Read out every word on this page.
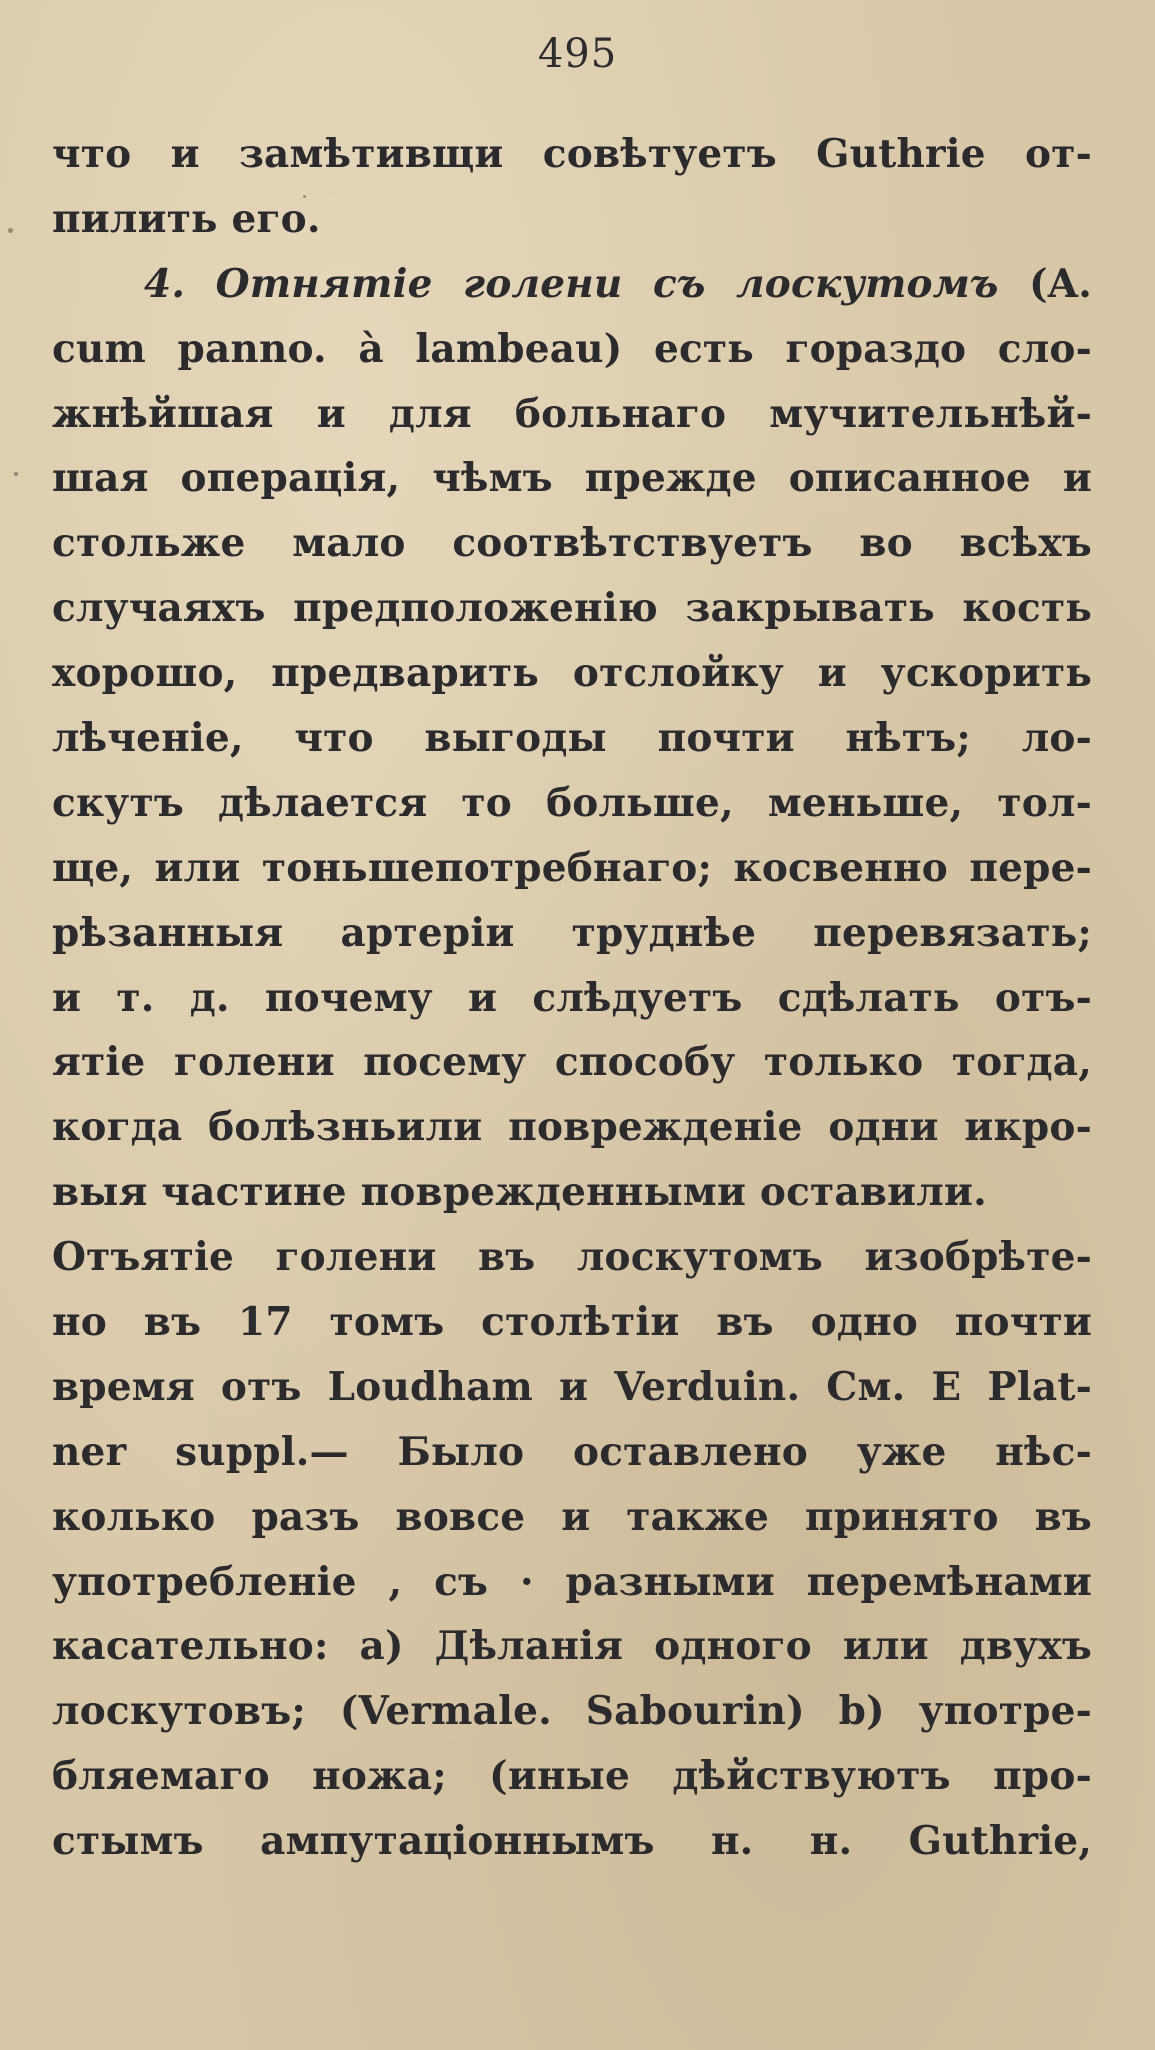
495
что и замѣтивщи совѣтуетъ Guthrie от-
пилить его.
4. Отнятіе голени съ лоскутомъ (A.
cum panno. à lambeau) есть гораздо сло-
жнѣйшая и для больнаго мучительнѣй-
шая операція, чѣмъ прежде описанное и
стольже мало соотвѣтствуетъ во всѣхъ
случаяхъ предположенію закрывать кость
хорошо, предварить отслойку и ускорить
лѣченіе, что выгоды почти нѣтъ; ло-
скутъ дѣлается то больше, меньше, тол-
ще, или тоньшепотребнаго; косвенно пере-
рѣзанныя артеріи труднѣе перевязать;
и т. д. почему и слѣдуетъ сдѣлать отъ-
ятіе голени посему способу только тогда,
когда болѣзньили поврежденіе одни икро-
выя частине поврежденными оставили.
Отъятіе голени въ лоскутомъ изобрѣте-
но въ 17 томъ столѣтіи въ одно почти
время отъ Loudham и Verduin. См. E Plat-
ner suppl.— Было оставлено уже нѣс-
колько разъ вовсе и также принято въ
употребленіе , съ · разными перемѣнами
касательно: a) Дѣланія одного или двухъ
лоскутовъ; (Vermale. Sabourin) b) употре-
бляемаго ножа; (иные дѣйствуютъ про-
стымъ ампутаціоннымъ н. н. Guthrie,
